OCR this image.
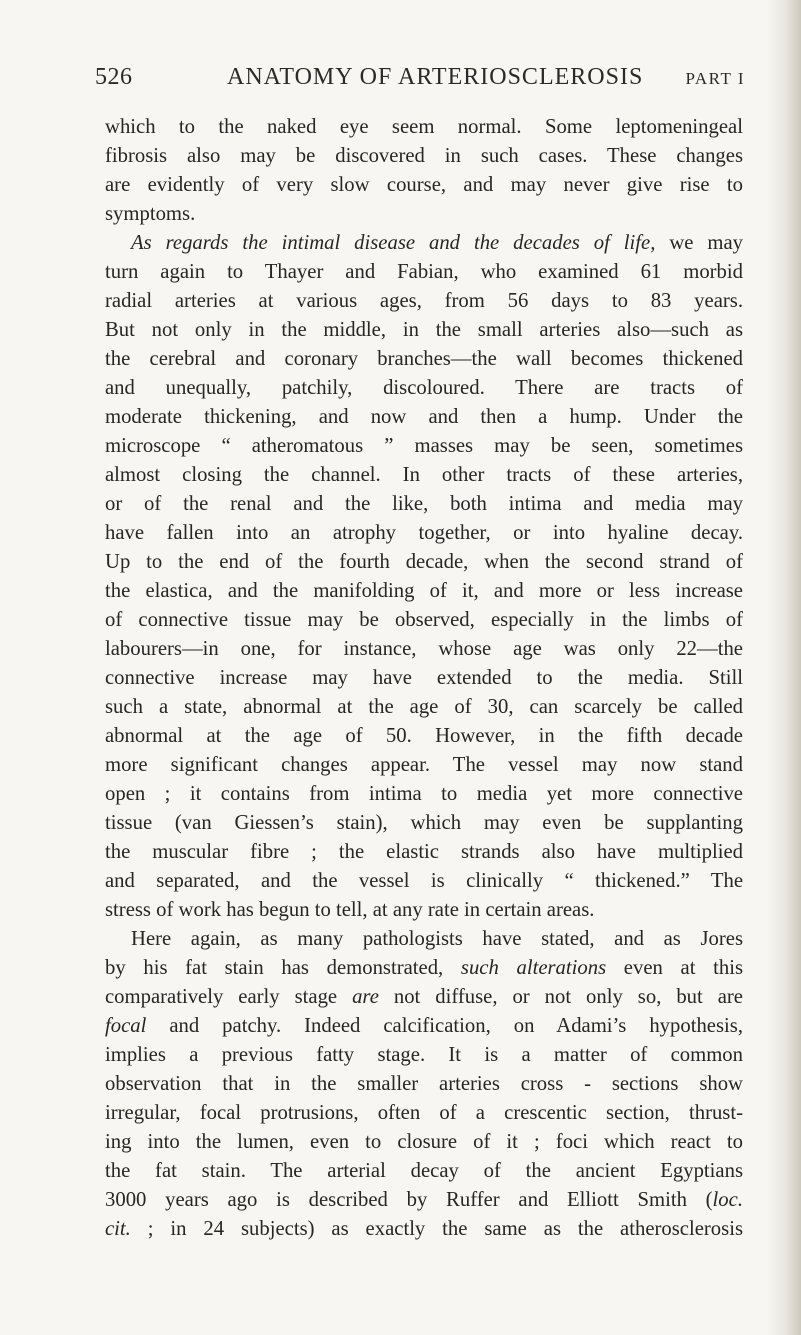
526	ANATOMY OF ARTERIOSCLEROSIS PART I
which to the naked eye seem normal. Some leptomeningeal
fibrosis also may be discovered in such cases. These changes
are evidently of very slow course, and may never give rise to
symptoms.
As regards the intimal disease and the decades of life, we may
turn again to Thayer and Fabian, who examined 61 morbid
radial arteries at various ages, from 56 days to 83 years.
But not only in the middle, in the small arteries also—such as
the cerebral and coronary branches—the wall becomes thickened
and unequally, patchily, discoloured. There are tracts of
moderate thickening, and now and then a hump. Under the
microscope “ atheromatous ” masses may be seen, sometimes
almost closing the channel. In other tracts of these arteries,
or of the renal and the like, both intima and media may
have fallen into an atrophy together, or into hyaline decay.
Up to the end of the fourth decade, when the second strand of
the elastica, and the manifolding of it, and more or less increase
of connective tissue may be observed, especially in the limbs of
labourers—in one, for instance, whose age was only 22—the
connective increase may have extended to the media. Still
such a state, abnormal at the age of 30, can scarcely be called
abnormal at the age of 50. However, in the fifth decade
more significant changes appear. The vessel may now stand
open ; it contains from intima to media yet more connective
tissue (van Giessen’s stain), which may even be supplanting
the muscular fibre ; the elastic strands also have multiplied
and separated, and the vessel is clinically “ thickened.” The
stress of work has begun to tell, at any rate in certain areas.
Here again, as many pathologists have stated, and as Jores
by his fat stain has demonstrated, such alterations even at this
comparatively early stage are not diffuse, or not only so, but are
focal and patchy. Indeed calcification, on Adami’s hypothesis,
implies a previous fatty stage. It is a matter of common
observation that in the smaller arteries cross - sections show
irregular, focal protrusions, often of a crescentic section, thrust-
ing into the lumen, even to closure of it ; foci which react to
the fat stain. The arterial decay of the ancient Egyptians
3000 years ago is described by Ruffer and Elliott Smith (loc.
cit. ; in 24 subjects) as exactly the same as the atherosclerosis
